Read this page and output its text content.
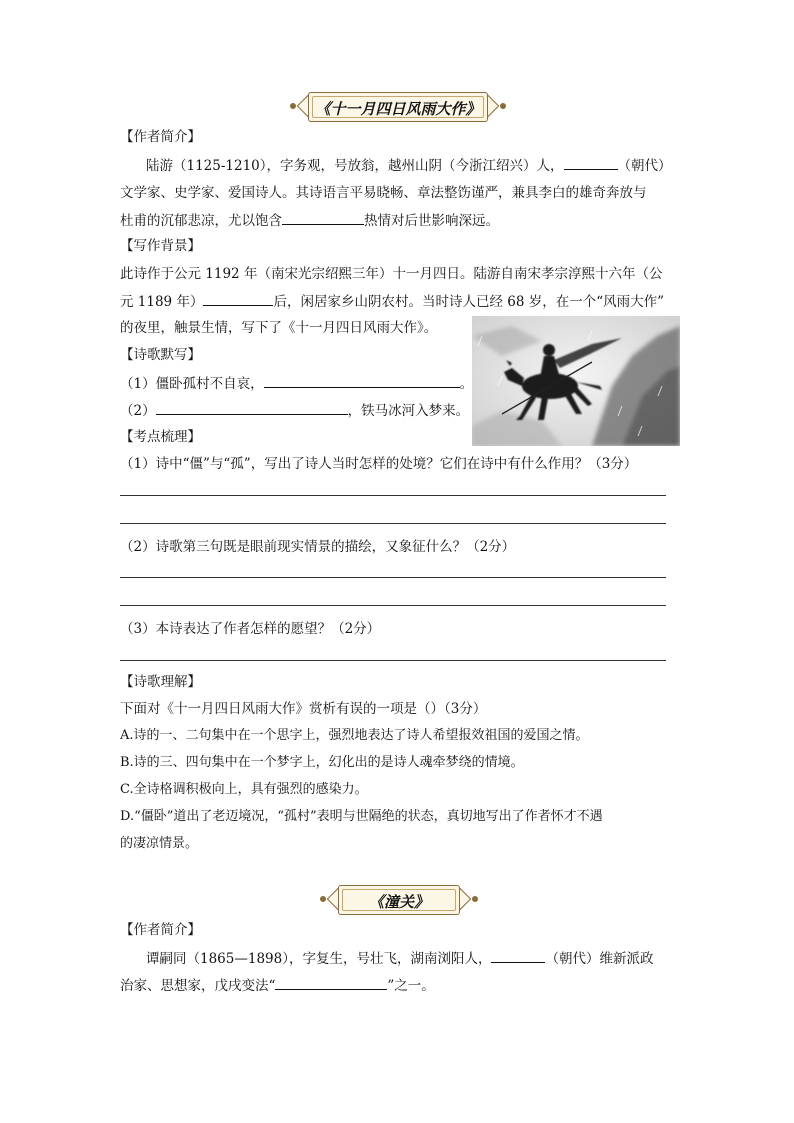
《十一月四日风雨大作》
【作者简介】
陆游（1125-1210），字务观，号放翁，越州山阴（今浙江绍兴）人，	（朝代）
文学家、史学家、爱国诗人。其诗语言平易晓畅、章法整饬谨严，兼具李白的雄奇奔放与
杜甫的沉郁悲凉，尤以饱含	热情对后世影响深远。
【写作背景】
此诗作于公元 1192 年（南宋光宗绍熙三年）十一月四日。陆游自南宋孝宗淳熙十六年（公
元 1189 年）	后，闲居家乡山阴农村。当时诗人已经 68 岁，在一个“风雨大作”
的夜里，触景生情，写下了《十一月四日风雨大作》。
【诗歌默写】
（1）僵卧孤村不自哀，	。
（2）	，铁马冰河入梦来。
【考点梳理】
（1）诗中“僵”与“孤”，写出了诗人当时怎样的处境？它们在诗中有什么作用？（3分）
（2）诗歌第三句既是眼前现实情景的描绘，又象征什么？（2分）
（3）本诗表达了作者怎样的愿望？（2分）
【诗歌理解】
下面对《十一月四日风雨大作》赏析有误的一项是（）（3分）
A.诗的一、二句集中在一个思字上，强烈地表达了诗人希望报效祖国的爱国之情。
B.诗的三、四句集中在一个梦字上，幻化出的是诗人魂牵梦绕的情境。
C.全诗格调积极向上，具有强烈的感染力。
D.“僵卧”道出了老迈境况，“孤村”表明与世隔绝的状态，真切地写出了作者怀才不遇
的凄凉情景。
《潼关》
【作者简介】
谭嗣同（1865—1898），字复生，号壮飞，湖南浏阳人，	（朝代）维新派政
治家、思想家，戊戌变法“	”之一。
